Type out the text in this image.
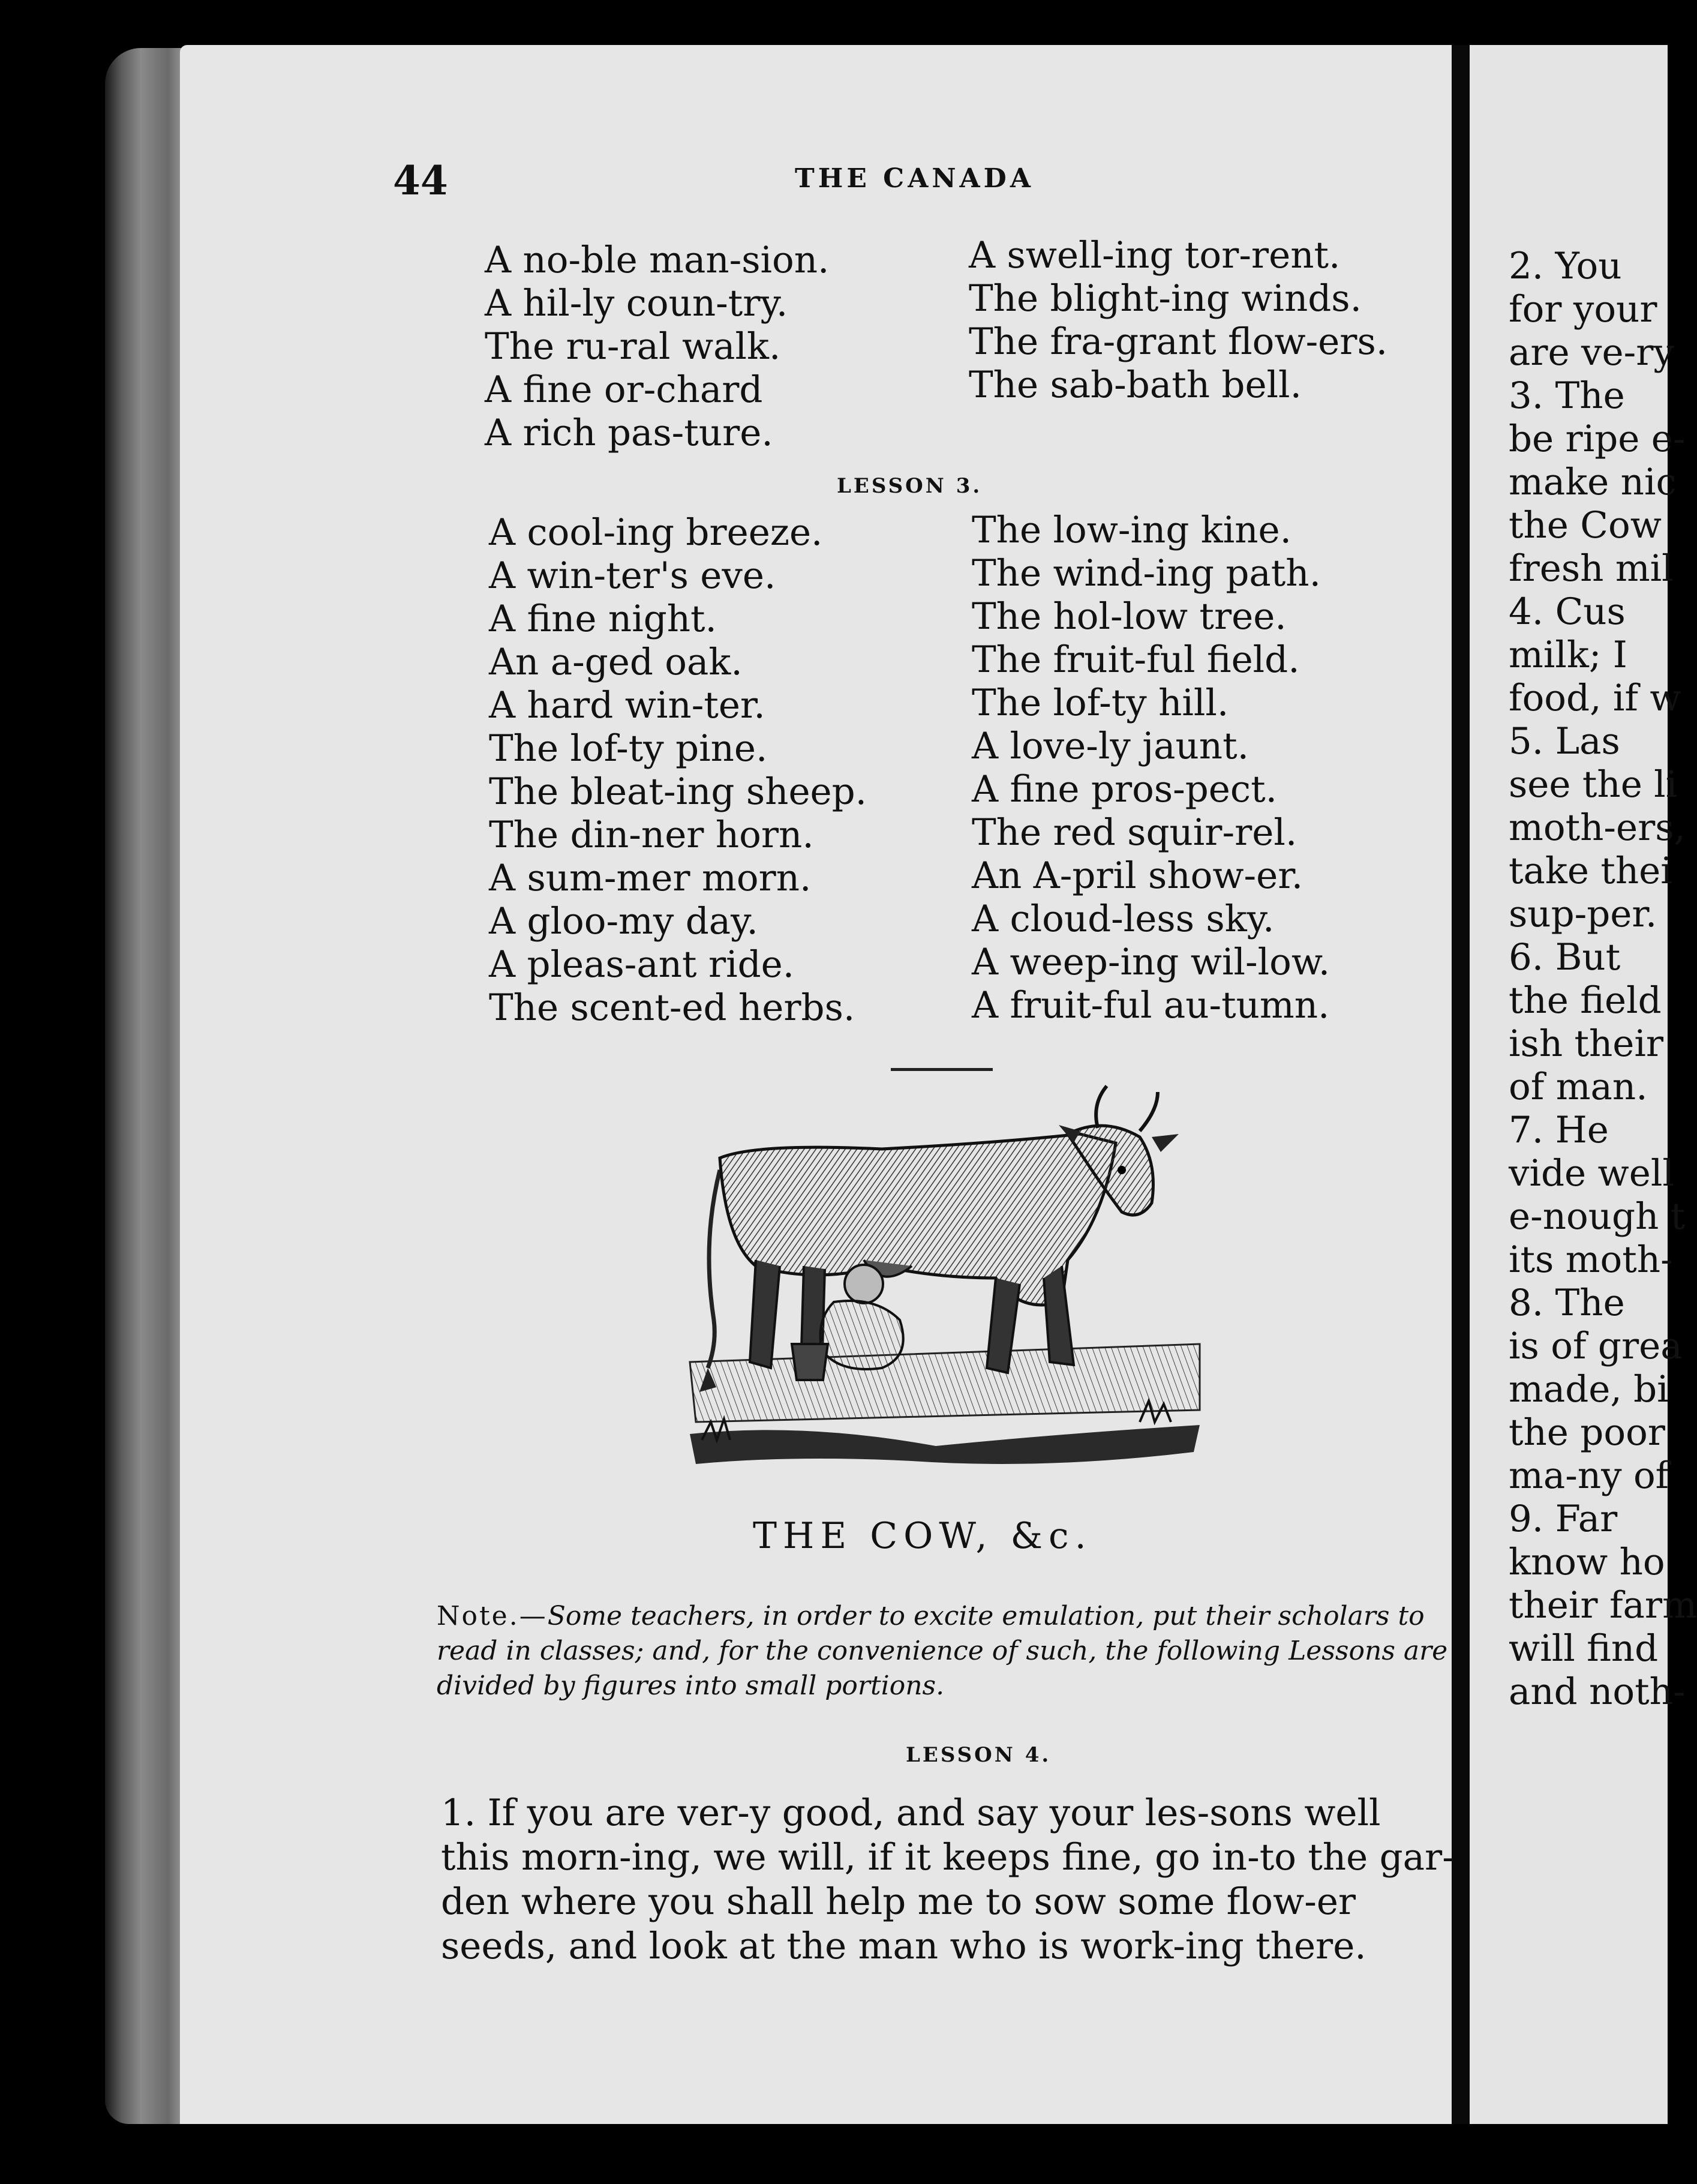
44	THE CANADA
A no-ble man-sion.
A hil-ly coun-try.
The ru-ral walk.
A fine or-chard
A rich pas-ture.
A swell-ing tor-rent.
The blight-ing winds.
The fra-grant flow-ers.
The sab-bath bell.
LESSON 3.
A cool-ing breeze.
A win-ter's eve.
A fine night.
An a-ged oak.
A hard win-ter.
The lof-ty pine.
The bleat-ing sheep.
The din-ner horn.
A sum-mer morn.
A gloo-my day.
A pleas-ant ride.
The scent-ed herbs.
The low-ing kine.
The wind-ing path.
The hol-low tree.
The fruit-ful field.
The lof-ty hill.
A love-ly jaunt.
A fine pros-pect.
The red squir-rel.
An A-pril show-er.
A cloud-less sky.
A weep-ing wil-low.
A fruit-ful au-tumn.
THE COW, &c.
Note.—Some teachers, in order to excite emulation, put their scholars to read in classes; and, for the convenience of such, the following Lessons are divided by figures into small portions.
LESSON 4.
1. If you are ver-y good, and say your les-sons well this morn-ing, we will, if it keeps fine, go in-to the gar-den where you shall help me to sow some flow-er seeds, and look at the man who is work-ing there.
2. You
for your
are ve-ry
3. The
be ripe e-
make nic
the Cow
fresh mil
4. Cus
milk; I
food, if w
5. Las
see the li
moth-ers,
take thei
sup-per.
6. But
the field
ish their
of man.
7. He
vide well
e-nough t
its moth-
8. The
is of grea
made, bi
the poor
ma-ny of
9. Far
know ho
their farm
will find
and noth-
